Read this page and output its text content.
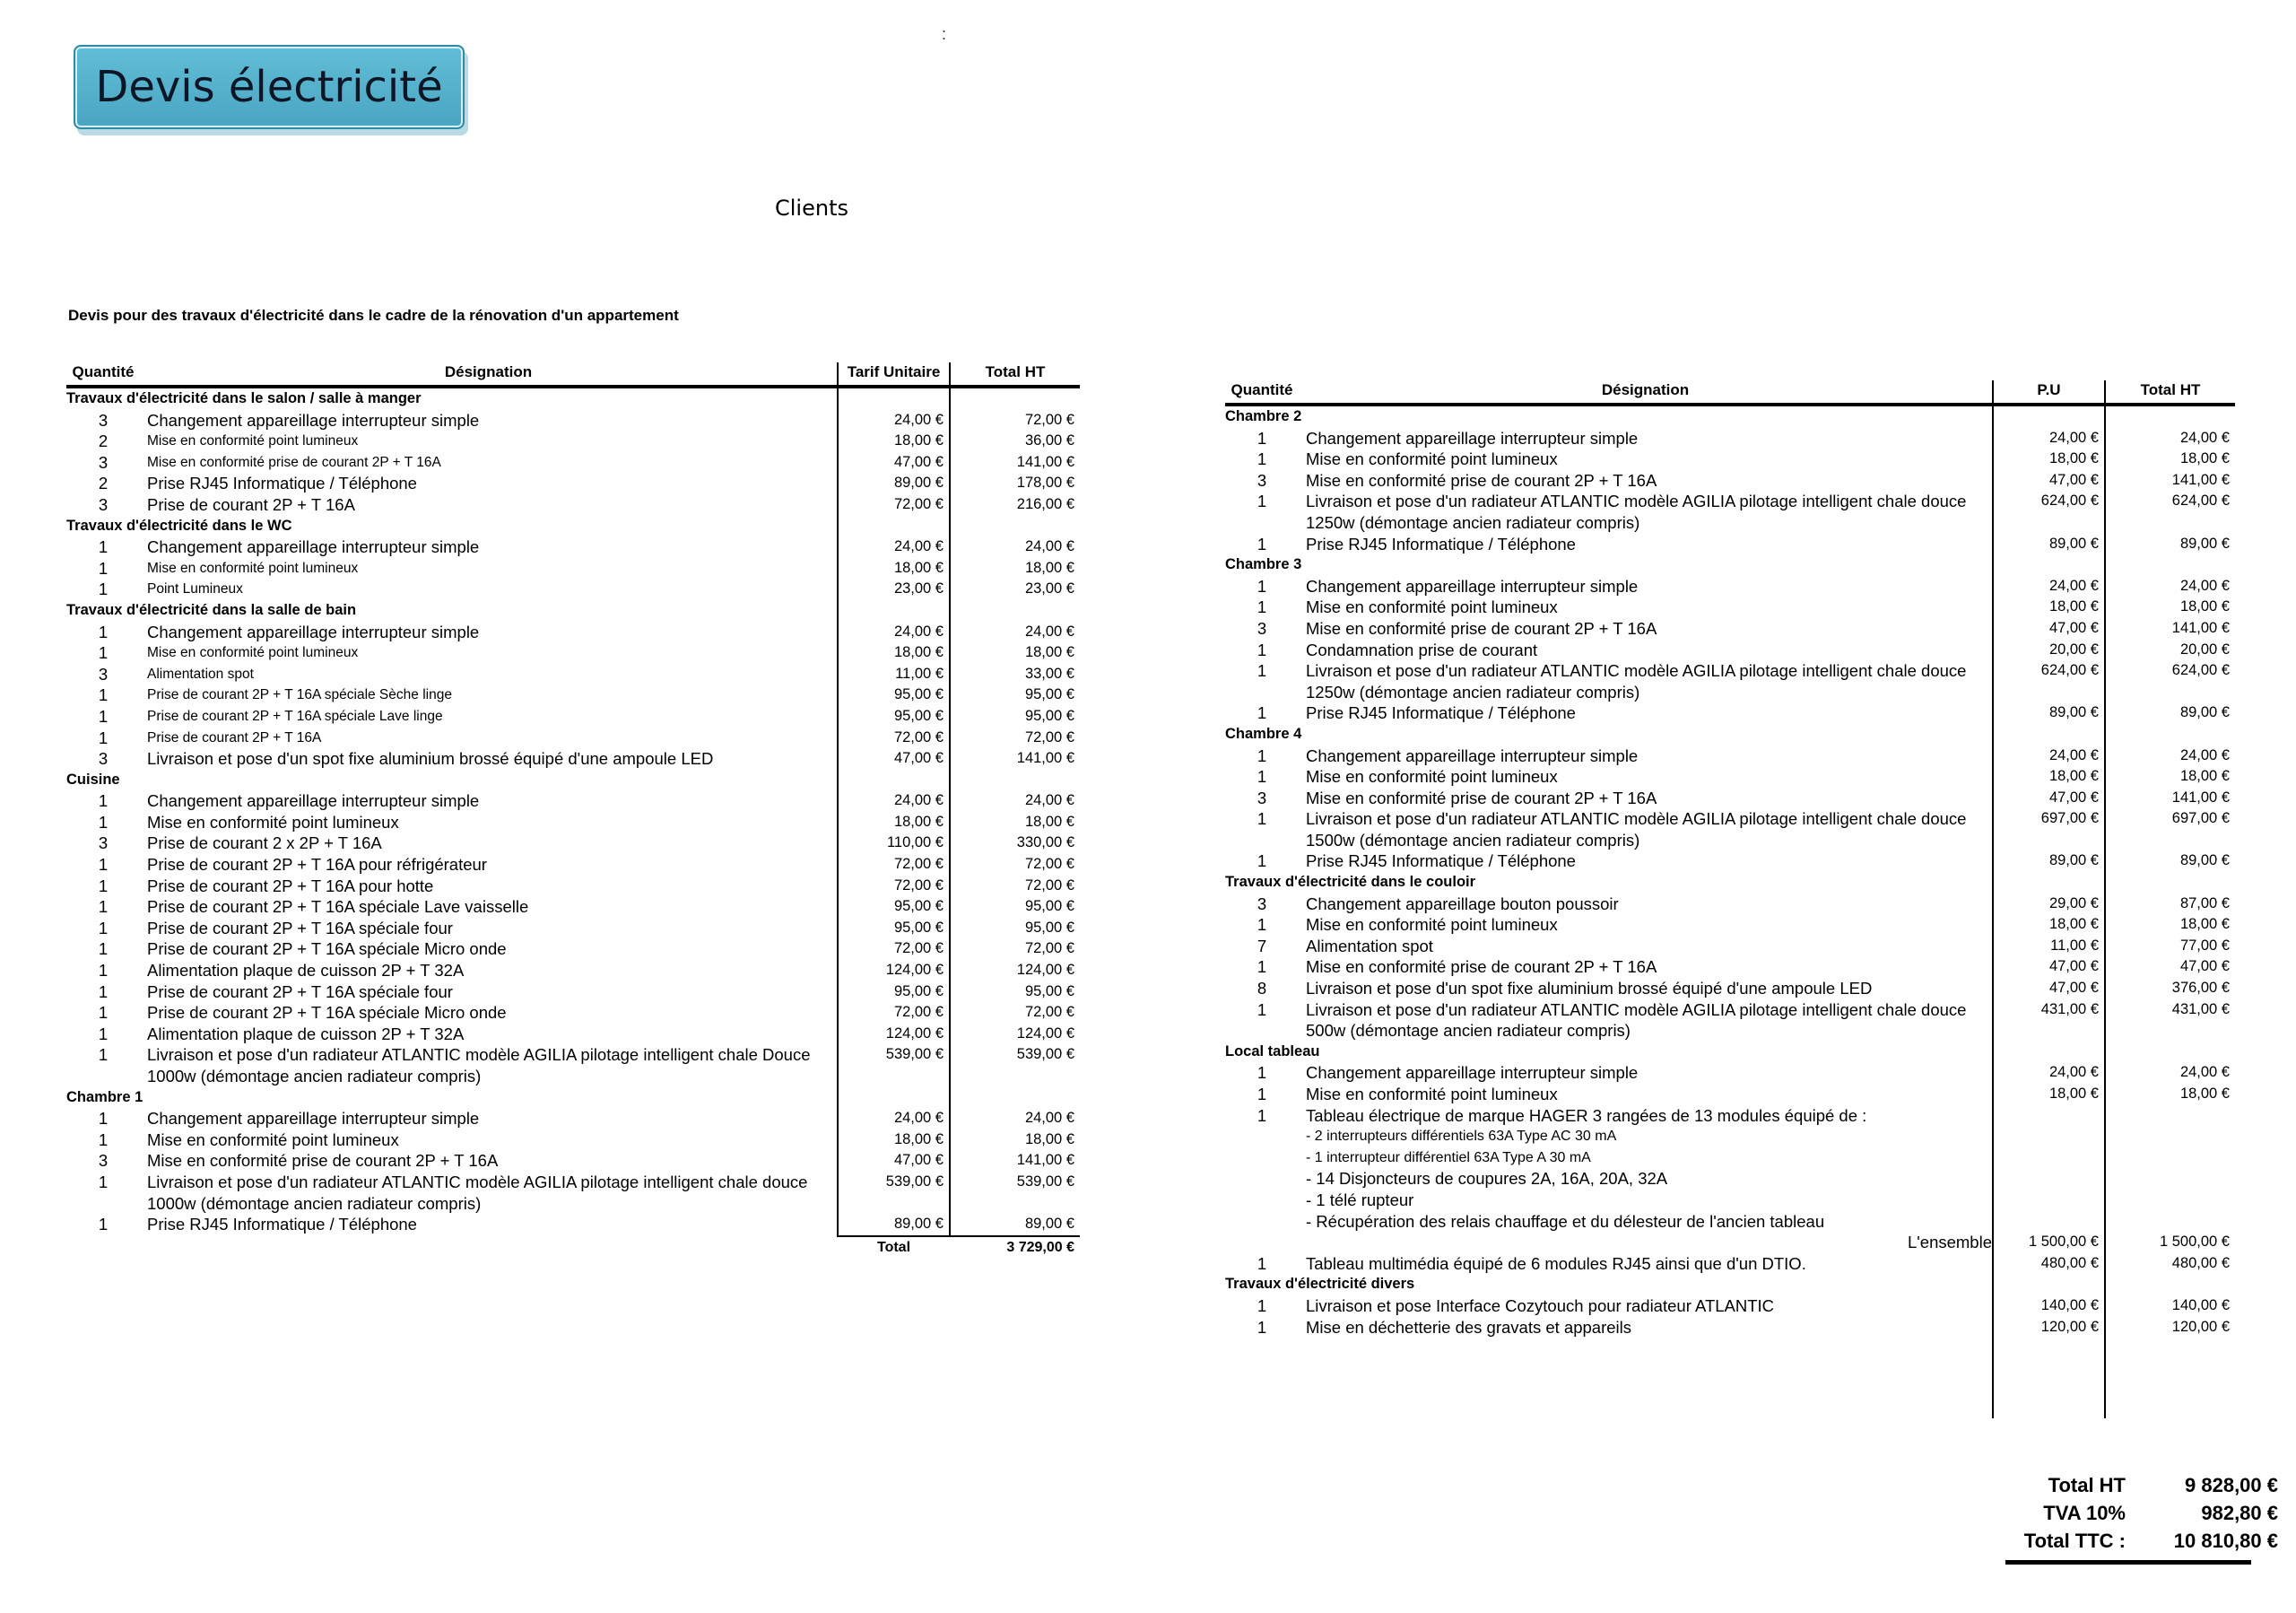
:
Devis électricité
Clients
Devis pour des travaux d'électricité dans le cadre de la rénovation d'un appartement
Quantité	Désignation	Tarif Unitaire	Total HT
Travaux d'électricité dans le salon / salle à manger			
3	Changement appareillage interrupteur simple	24,00 €	72,00 €
2	Mise en conformité point lumineux	18,00 €	36,00 €
3	Mise en conformité prise de courant 2P + T 16A	47,00 €	141,00 €
2	Prise RJ45 Informatique / Téléphone	89,00 €	178,00 €
3	Prise de courant 2P + T 16A	72,00 €	216,00 €
Travaux d'électricité dans le WC			
1	Changement appareillage interrupteur simple	24,00 €	24,00 €
1	Mise en conformité point lumineux	18,00 €	18,00 €
1	Point Lumineux	23,00 €	23,00 €
Travaux d'électricité dans la salle de bain			
1	Changement appareillage interrupteur simple	24,00 €	24,00 €
1	Mise en conformité point lumineux	18,00 €	18,00 €
3	Alimentation spot	11,00 €	33,00 €
1	Prise de courant 2P + T 16A spéciale Sèche linge	95,00 €	95,00 €
1	Prise de courant 2P + T 16A spéciale Lave linge	95,00 €	95,00 €
1	Prise de courant 2P + T 16A	72,00 €	72,00 €
3	Livraison et pose d'un spot fixe aluminium brossé équipé d'une ampoule LED	47,00 €	141,00 €
Cuisine			
1	Changement appareillage interrupteur simple	24,00 €	24,00 €
1	Mise en conformité point lumineux	18,00 €	18,00 €
3	Prise de courant 2 x 2P + T 16A	110,00 €	330,00 €
1	Prise de courant 2P + T 16A pour réfrigérateur	72,00 €	72,00 €
1	Prise de courant 2P + T 16A pour hotte	72,00 €	72,00 €
1	Prise de courant 2P + T 16A spéciale Lave vaisselle	95,00 €	95,00 €
1	Prise de courant 2P + T 16A spéciale four	95,00 €	95,00 €
1	Prise de courant 2P + T 16A spéciale Micro onde	72,00 €	72,00 €
1	Alimentation plaque de cuisson 2P + T 32A	124,00 €	124,00 €
1	Prise de courant 2P + T 16A spéciale four	95,00 €	95,00 €
1	Prise de courant 2P + T 16A spéciale Micro onde	72,00 €	72,00 €
1	Alimentation plaque de cuisson 2P + T 32A	124,00 €	124,00 €
1	Livraison et pose d'un radiateur ATLANTIC modèle AGILIA pilotage intelligent chale Douce 1000w (démontage ancien radiateur compris)	539,00 €	539,00 €
Chambre 1			
1	Changement appareillage interrupteur simple	24,00 €	24,00 €
1	Mise en conformité point lumineux	18,00 €	18,00 €
3	Mise en conformité prise de courant 2P + T 16A	47,00 €	141,00 €
1	Livraison et pose d'un radiateur ATLANTIC modèle AGILIA pilotage intelligent chale douce 1000w (démontage ancien radiateur compris)	539,00 €	539,00 €
1	Prise RJ45 Informatique / Téléphone	89,00 €	89,00 €
		Total	3 729,00 €
Quantité	Désignation	P.U	Total HT
Chambre 2			
1	Changement appareillage interrupteur simple	24,00 €	24,00 €
1	Mise en conformité point lumineux	18,00 €	18,00 €
3	Mise en conformité prise de courant 2P + T 16A	47,00 €	141,00 €
1	Livraison et pose d'un radiateur ATLANTIC modèle AGILIA pilotage intelligent chale douce 1250w (démontage ancien radiateur compris)	624,00 €	624,00 €
1	Prise RJ45 Informatique / Téléphone	89,00 €	89,00 €
Chambre 3			
1	Changement appareillage interrupteur simple	24,00 €	24,00 €
1	Mise en conformité point lumineux	18,00 €	18,00 €
3	Mise en conformité prise de courant 2P + T 16A	47,00 €	141,00 €
1	Condamnation prise de courant	20,00 €	20,00 €
1	Livraison et pose d'un radiateur ATLANTIC modèle AGILIA pilotage intelligent chale douce 1250w (démontage ancien radiateur compris)	624,00 €	624,00 €
1	Prise RJ45 Informatique / Téléphone	89,00 €	89,00 €
Chambre 4			
1	Changement appareillage interrupteur simple	24,00 €	24,00 €
1	Mise en conformité point lumineux	18,00 €	18,00 €
3	Mise en conformité prise de courant 2P + T 16A	47,00 €	141,00 €
1	Livraison et pose d'un radiateur ATLANTIC modèle AGILIA pilotage intelligent chale douce 1500w (démontage ancien radiateur compris)	697,00 €	697,00 €
1	Prise RJ45 Informatique / Téléphone	89,00 €	89,00 €
Travaux d'électricité dans le couloir			
3	Changement appareillage bouton poussoir	29,00 €	87,00 €
1	Mise en conformité point lumineux	18,00 €	18,00 €
7	Alimentation spot	11,00 €	77,00 €
1	Mise en conformité prise de courant 2P + T 16A	47,00 €	47,00 €
8	Livraison et pose d'un spot fixe aluminium brossé équipé d'une ampoule LED	47,00 €	376,00 €
1	Livraison et pose d'un radiateur ATLANTIC modèle AGILIA pilotage intelligent chale douce 500w (démontage ancien radiateur compris)	431,00 €	431,00 €
Local tableau			
1	Changement appareillage interrupteur simple	24,00 €	24,00 €
1	Mise en conformité point lumineux	18,00 €	18,00 €
1	Tableau électrique de marque HAGER 3 rangées de 13 modules équipé de :		
	- 2 interrupteurs différentiels 63A Type AC 30 mA		
	- 1 interrupteur différentiel 63A Type A 30 mA		
	- 14 Disjoncteurs de coupures 2A, 16A, 20A, 32A		
	- 1 télé rupteur		
	- Récupération des relais chauffage et du délesteur de l'ancien tableau		
	L'ensemble	1 500,00 €	1 500,00 €
1	Tableau multimédia équipé de 6 modules RJ45 ainsi que d'un DTIO.	480,00 €	480,00 €
Travaux d'électricité divers			
1	Livraison et pose Interface Cozytouch pour radiateur ATLANTIC	140,00 €	140,00 €
1	Mise en déchetterie des gravats et appareils	120,00 €	120,00 €

Total HT	9 828,00 €
TVA 10%	982,80 €
Total TTC :	10 810,80 €
